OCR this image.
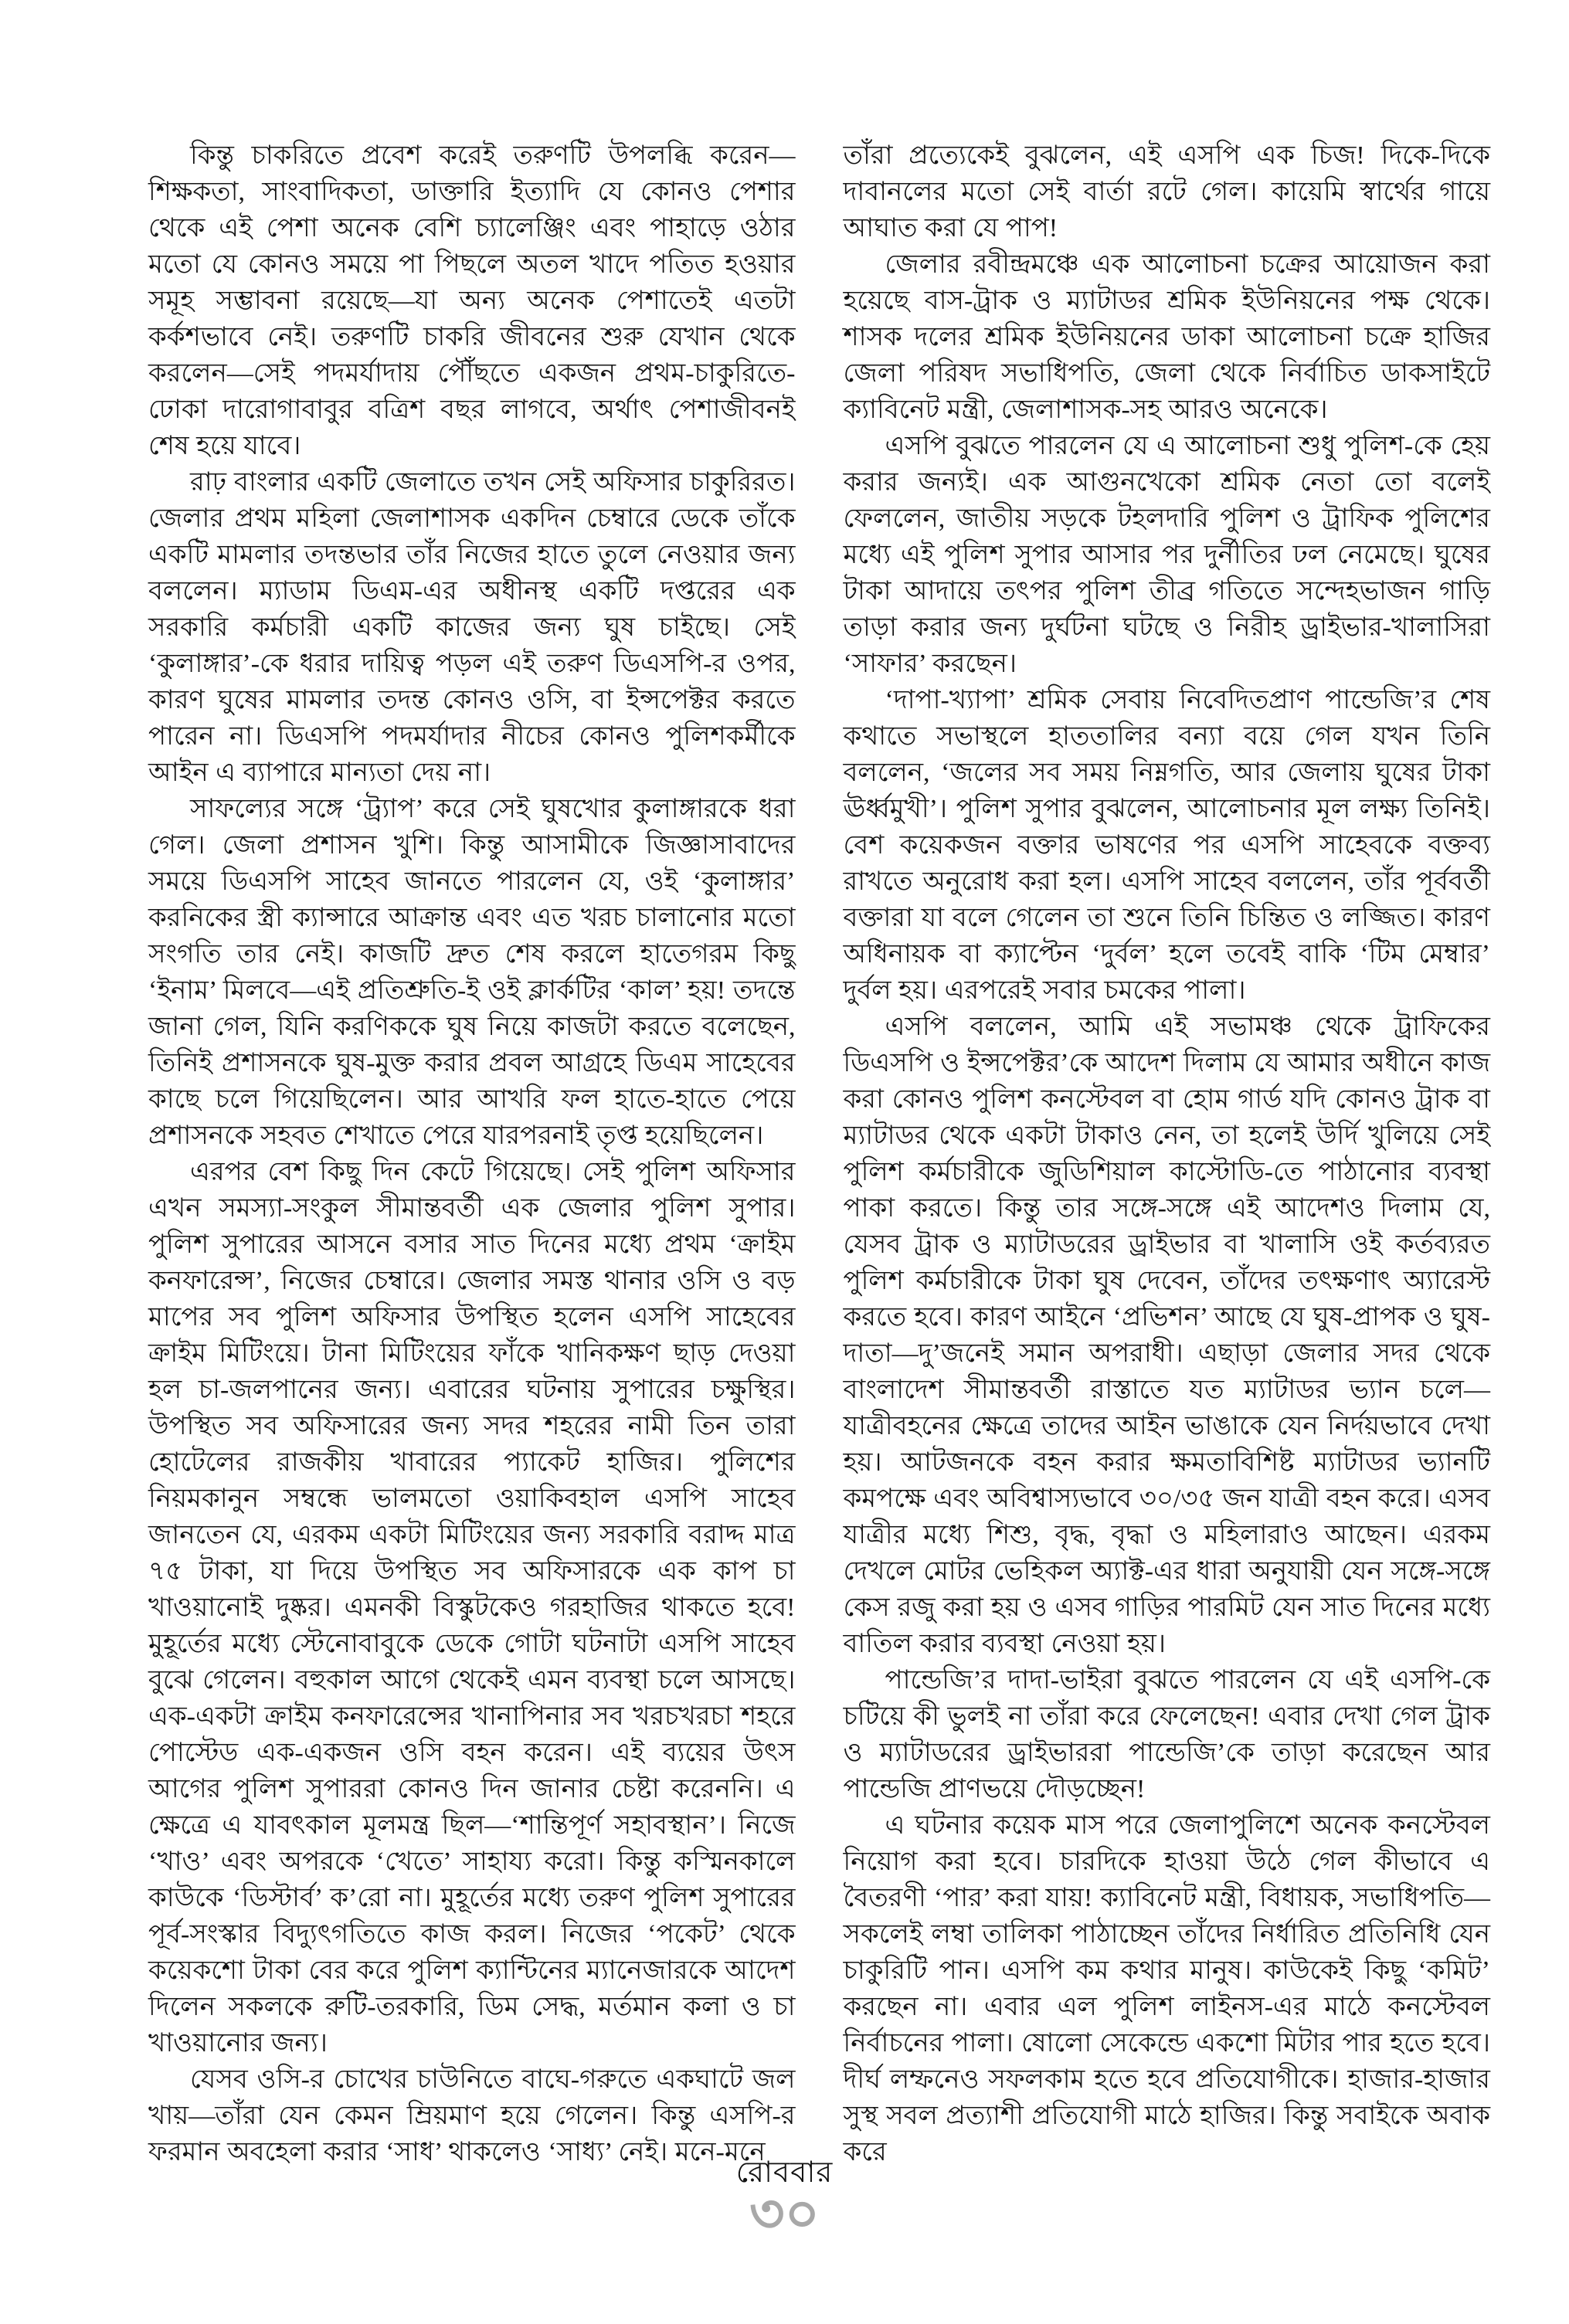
কিন্তু চাকরিতে প্রবেশ করেই তরুণটি উপলব্ধি করেন—শিক্ষকতা, সাংবাদিকতা, ডাক্তারি ইত্যাদি যে কোনও পেশার থেকে এই পেশা অনেক বেশি চ্যালেঞ্জিং এবং পাহাড়ে ওঠার মতো যে কোনও সময়ে পা পিছলে অতল খাদে পতিত হওয়ার সমূহ সম্ভাবনা রয়েছে—যা অন্য অনেক পেশাতেই এতটা কর্কশভাবে নেই। তরুণটি চাকরি জীবনের শুরু যেখান থেকে করলেন—সেই পদমর্যাদায় পৌঁছতে একজন প্রথম-চাকুরিতে-ঢোকা দারোগাবাবুর বত্রিশ বছর লাগবে, অর্থাৎ পেশাজীবনই শেষ হয়ে যাবে।

রাঢ় বাংলার একটি জেলাতে তখন সেই অফিসার চাকুরিরত। জেলার প্রথম মহিলা জেলাশাসক একদিন চেম্বারে ডেকে তাঁকে একটি মামলার তদন্তভার তাঁর নিজের হাতে তুলে নেওয়ার জন্য বললেন। ম্যাডাম ডিএম-এর অধীনস্থ একটি দপ্তরের এক সরকারি কর্মচারী একটি কাজের জন্য ঘুষ চাইছে। সেই ‘কুলাঙ্গার’-কে ধরার দায়িত্ব পড়ল এই তরুণ ডিএসপি-র ওপর, কারণ ঘুষের মামলার তদন্ত কোনও ওসি, বা ইন্সপেক্টর করতে পারেন না। ডিএসপি পদমর্যাদার নীচের কোনও পুলিশকর্মীকে আইন এ ব্যাপারে মান্যতা দেয় না।

সাফল্যের সঙ্গে ‘ট্র্যাপ’ করে সেই ঘুষখোর কুলাঙ্গারকে ধরা গেল। জেলা প্রশাসন খুশি। কিন্তু আসামীকে জিজ্ঞাসাবাদের সময়ে ডিএসপি সাহেব জানতে পারলেন যে, ওই ‘কুলাঙ্গার’ করনিকের স্ত্রী ক্যান্সারে আক্রান্ত এবং এত খরচ চালানোর মতো সংগতি তার নেই। কাজটি দ্রুত শেষ করলে হাতেগরম কিছু ‘ইনাম’ মিলবে—এই প্রতিশ্রুতি-ই ওই ক্লার্কটির ‘কাল’ হয়! তদন্তে জানা গেল, যিনি করণিককে ঘুষ নিয়ে কাজটা করতে বলেছেন, তিনিই প্রশাসনকে ঘুষ-মুক্ত করার প্রবল আগ্রহে ডিএম সাহেবের কাছে চলে গিয়েছিলেন। আর আখরি ফল হাতে-হাতে পেয়ে প্রশাসনকে সহবত শেখাতে পেরে যারপরনাই তৃপ্ত হয়েছিলেন।

এরপর বেশ কিছু দিন কেটে গিয়েছে। সেই পুলিশ অফিসার এখন সমস্যা-সংকুল সীমান্তবর্তী এক জেলার পুলিশ সুপার। পুলিশ সুপারের আসনে বসার সাত দিনের মধ্যে প্রথম ‘ক্রাইম কনফারেন্স’, নিজের চেম্বারে। জেলার সমস্ত থানার ওসি ও বড় মাপের সব পুলিশ অফিসার উপস্থিত হলেন এসপি সাহেবের ক্রাইম মিটিংয়ে। টানা মিটিংয়ের ফাঁকে খানিকক্ষণ ছাড় দেওয়া হল চা-জলপানের জন্য। এবারের ঘটনায় সুপারের চক্ষুস্থির। উপস্থিত সব অফিসারের জন্য সদর শহরের নামী তিন তারা হোটেলের রাজকীয় খাবারের প্যাকেট হাজির। পুলিশের নিয়মকানুন সম্বন্ধে ভালমতো ওয়াকিবহাল এসপি সাহেব জানতেন যে, এরকম একটা মিটিংয়ের জন্য সরকারি বরাদ্দ মাত্র ৭৫ টাকা, যা দিয়ে উপস্থিত সব অফিসারকে এক কাপ চা খাওয়ানোই দুষ্কর। এমনকী বিস্কুটকেও গরহাজির থাকতে হবে! মুহূর্তের মধ্যে স্টেনোবাবুকে ডেকে গোটা ঘটনাটা এসপি সাহেব বুঝে গেলেন। বহুকাল আগে থেকেই এমন ব্যবস্থা চলে আসছে। এক-একটা ক্রাইম কনফারেন্সের খানাপিনার সব খরচখরচা শহরে পোস্টেড এক-একজন ওসি বহন করেন। এই ব্যয়ের উৎস আগের পুলিশ সুপাররা কোনও দিন জানার চেষ্টা করেননি। এ ক্ষেত্রে এ যাবৎকাল মূলমন্ত্র ছিল—‘শান্তিপূর্ণ সহাবস্থান’। নিজে ‘খাও’ এবং অপরকে ‘খেতে’ সাহায্য করো। কিন্তু কস্মিনকালে কাউকে ‘ডিস্টার্ব’ ক’রো না। মুহূর্তের মধ্যে তরুণ পুলিশ সুপারের পূর্ব-সংস্কার বিদ্যুৎগতিতে কাজ করল। নিজের ‘পকেট’ থেকে কয়েকশো টাকা বের করে পুলিশ ক্যান্টিনের ম্যানেজারকে আদেশ দিলেন সকলকে রুটি-তরকারি, ডিম সেদ্ধ, মর্তমান কলা ও চা খাওয়ানোর জন্য।

যেসব ওসি-র চোখের চাউনিতে বাঘে-গরুতে একঘাটে জল খায়—তাঁরা যেন কেমন ম্রিয়মাণ হয়ে গেলেন। কিন্তু এসপি-র ফরমান অবহেলা করার ‘সাধ’ থাকলেও ‘সাধ্য’ নেই। মনে-মনে

তাঁরা প্রত্যেকেই বুঝলেন, এই এসপি এক চিজ! দিকে-দিকে দাবানলের মতো সেই বার্তা রটে গেল। কায়েমি স্বার্থের গায়ে আঘাত করা যে পাপ!

জেলার রবীন্দ্রমঞ্চে এক আলোচনা চক্রের আয়োজন করা হয়েছে বাস-ট্রাক ও ম্যাটাডর শ্রমিক ইউনিয়নের পক্ষ থেকে। শাসক দলের শ্রমিক ইউনিয়নের ডাকা আলোচনা চক্রে হাজির জেলা পরিষদ সভাধিপতি, জেলা থেকে নির্বাচিত ডাকসাইটে ক্যাবিনেট মন্ত্রী, জেলাশাসক-সহ আরও অনেকে।

এসপি বুঝতে পারলেন যে এ আলোচনা শুধু পুলিশ-কে হেয় করার জন্যই। এক আগুনখেকো শ্রমিক নেতা তো বলেই ফেললেন, জাতীয় সড়কে টহলদারি পুলিশ ও ট্রাফিক পুলিশের মধ্যে এই পুলিশ সুপার আসার পর দুর্নীতির ঢল নেমেছে। ঘুষের টাকা আদায়ে তৎপর পুলিশ তীব্র গতিতে সন্দেহভাজন গাড়ি তাড়া করার জন্য দুর্ঘটনা ঘটছে ও নিরীহ ড্রাইভার-খালাসিরা ‘সাফার’ করছেন।

‘দাপা-খ্যাপা’ শ্রমিক সেবায় নিবেদিতপ্রাণ পান্ডেজি’র শেষ কথাতে সভাস্থলে হাততালির বন্যা বয়ে গেল যখন তিনি বললেন, ‘জলের সব সময় নিম্নগতি, আর জেলায় ঘুষের টাকা ঊর্ধ্বমুখী’। পুলিশ সুপার বুঝলেন, আলোচনার মূল লক্ষ্য তিনিই। বেশ কয়েকজন বক্তার ভাষণের পর এসপি সাহেবকে বক্তব্য রাখতে অনুরোধ করা হল। এসপি সাহেব বললেন, তাঁর পূর্ববর্তী বক্তারা যা বলে গেলেন তা শুনে তিনি চিন্তিত ও লজ্জিত। কারণ অধিনায়ক বা ক্যাপ্টেন ‘দুর্বল’ হলে তবেই বাকি ‘টিম মেম্বার’ দুর্বল হয়। এরপরেই সবার চমকের পালা।

এসপি বললেন, আমি এই সভামঞ্চ থেকে ট্রাফিকের ডিএসপি ও ইন্সপেক্টর’কে আদেশ দিলাম যে আমার অধীনে কাজ করা কোনও পুলিশ কনস্টেবল বা হোম গার্ড যদি কোনও ট্রাক বা ম্যাটাডর থেকে একটা টাকাও নেন, তা হলেই উর্দি খুলিয়ে সেই পুলিশ কর্মচারীকে জুডিশিয়াল কাস্টোডি-তে পাঠানোর ব্যবস্থা পাকা করতে। কিন্তু তার সঙ্গে-সঙ্গে এই আদেশও দিলাম যে, যেসব ট্রাক ও ম্যাটাডরের ড্রাইভার বা খালাসি ওই কর্তব্যরত পুলিশ কর্মচারীকে টাকা ঘুষ দেবেন, তাঁদের তৎক্ষণাৎ অ্যারেস্ট করতে হবে। কারণ আইনে ‘প্রভিশন’ আছে যে ঘুষ-প্রাপক ও ঘুষ-দাতা—দু’জনেই সমান অপরাধী। এছাড়া জেলার সদর থেকে বাংলাদেশ সীমান্তবর্তী রাস্তাতে যত ম্যাটাডর ভ্যান চলে—যাত্রীবহনের ক্ষেত্রে তাদের আইন ভাঙাকে যেন নির্দয়ভাবে দেখা হয়। আটজনকে বহন করার ক্ষমতাবিশিষ্ট ম্যাটাডর ভ্যানটি কমপক্ষে এবং অবিশ্বাস্যভাবে ৩০/৩৫ জন যাত্রী বহন করে। এসব যাত্রীর মধ্যে শিশু, বৃদ্ধ, বৃদ্ধা ও মহিলারাও আছেন। এরকম দেখলে মোটর ভেহিকল অ্যাক্ট-এর ধারা অনুযায়ী যেন সঙ্গে-সঙ্গে কেস রজু করা হয় ও এসব গাড়ির পারমিট যেন সাত দিনের মধ্যে বাতিল করার ব্যবস্থা নেওয়া হয়।

পান্ডেজি’র দাদা-ভাইরা বুঝতে পারলেন যে এই এসপি-কে চটিয়ে কী ভুলই না তাঁরা করে ফেলেছেন! এবার দেখা গেল ট্রাক ও ম্যাটাডরের ড্রাইভাররা পান্ডেজি’কে তাড়া করেছেন আর পান্ডেজি প্রাণভয়ে দৌড়চ্ছেন!

এ ঘটনার কয়েক মাস পরে জেলাপুলিশে অনেক কনস্টেবল নিয়োগ করা হবে। চারদিকে হাওয়া উঠে গেল কীভাবে এ বৈতরণী ‘পার’ করা যায়! ক্যাবিনেট মন্ত্রী, বিধায়ক, সভাধিপতি—সকলেই লম্বা তালিকা পাঠাচ্ছেন তাঁদের নির্ধারিত প্রতিনিধি যেন চাকুরিটি পান। এসপি কম কথার মানুষ। কাউকেই কিছু ‘কমিট’ করছেন না। এবার এল পুলিশ লাইনস-এর মাঠে কনস্টেবল নির্বাচনের পালা। ষোলো সেকেন্ডে একশো মিটার পার হতে হবে। দীর্ঘ লম্ফনেও সফলকাম হতে হবে প্রতিযোগীকে। হাজার-হাজার সুস্থ সবল প্রত্যাশী প্রতিযোগী মাঠে হাজির। কিন্তু সবাইকে অবাক করে

রোববার
৩০
